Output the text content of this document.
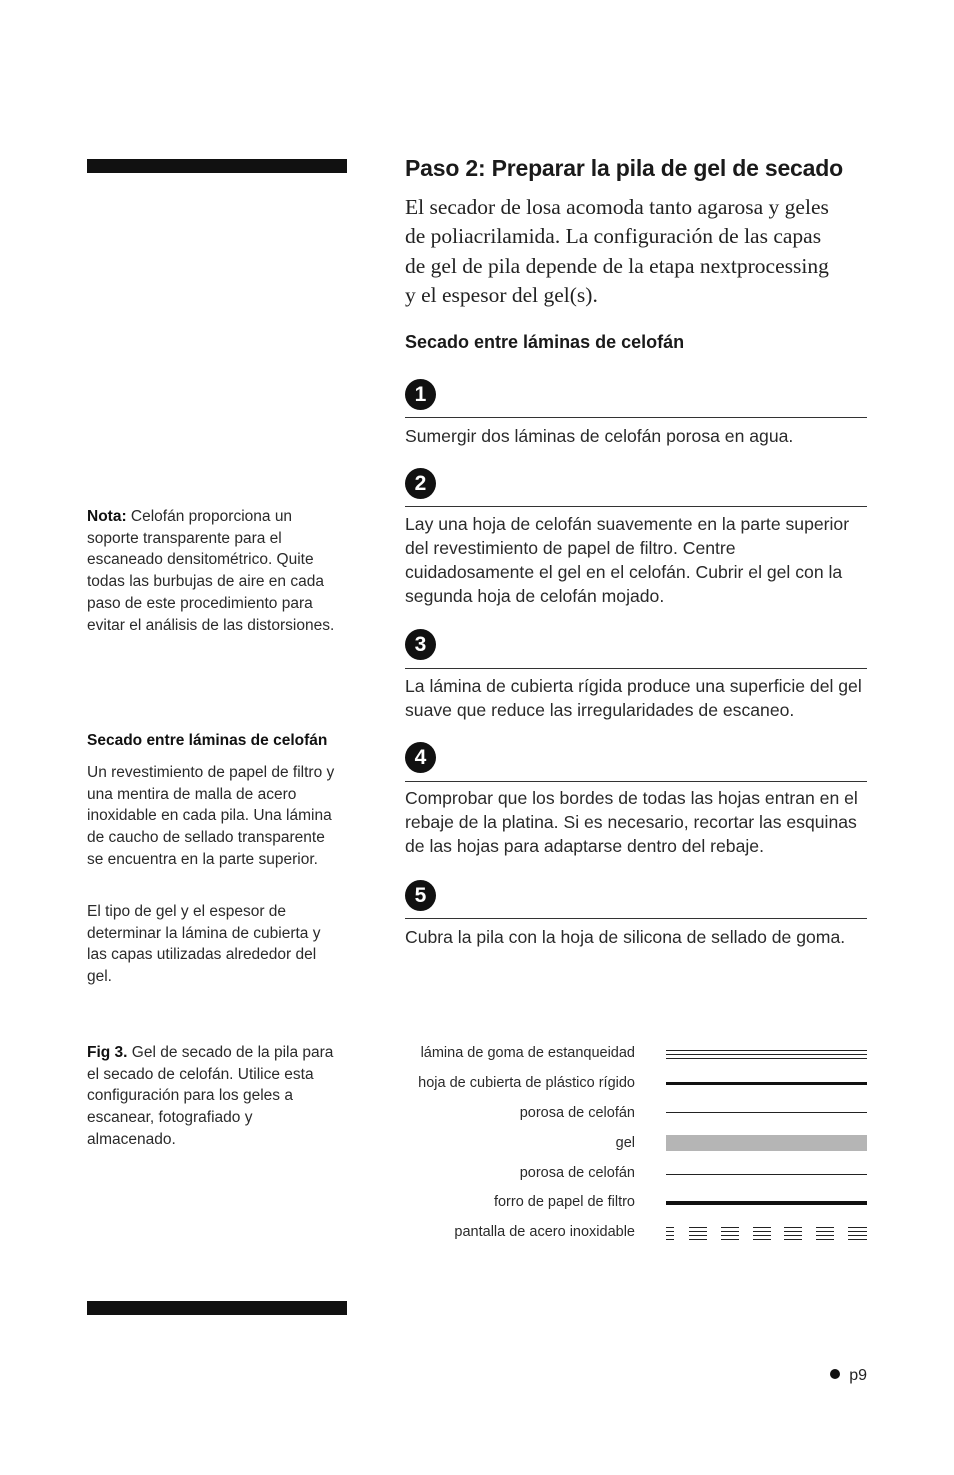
Paso 2: Preparar la pila de gel de secado
El secador de losa acomoda tanto agarosa y geles de poliacrilamida. La configuración de las capas de gel de pila depende de la etapa nextprocessing y el espesor del gel(s).
Secado entre láminas de celofán
1
Sumergir dos láminas de celofán porosa en agua.
2
Lay una hoja de celofán suavemente en la parte superior del revestimiento de papel de filtro. Centre cuidadosamente el gel en el celofán. Cubrir el gel con la segunda hoja de celofán mojado.
3
La lámina de cubierta rígida produce una superficie del gel suave que reduce las irregularidades de escaneo.
4
Comprobar que los bordes de todas las hojas entran en el rebaje de la platina. Si es necesario, recortar las esquinas de las hojas para adaptarse dentro del rebaje.
5
Cubra la pila con la hoja de silicona de sellado de goma.

Nota: Celofán proporciona un soporte transparente para el escaneado densitométrico. Quite todas las burbujas de aire en cada paso de este procedimiento para evitar el análisis de las distorsiones.

Secado entre láminas de celofán
Un revestimiento de papel de filtro y una mentira de malla de acero inoxidable en cada pila. Una lámina de caucho de sellado transparente se encuentra en la parte superior.
El tipo de gel y el espesor de determinar la lámina de cubierta y las capas utilizadas alrededor del gel.

Fig 3. Gel de secado de la pila para el secado de celofán. Utilice esta configuración para los geles a escanear, fotografiado y almacenado.

lámina de goma de estanqueidad
hoja de cubierta de plástico rígido
porosa de celofán
gel
porosa de celofán
forro de papel de filtro
pantalla de acero inoxidable
p9
